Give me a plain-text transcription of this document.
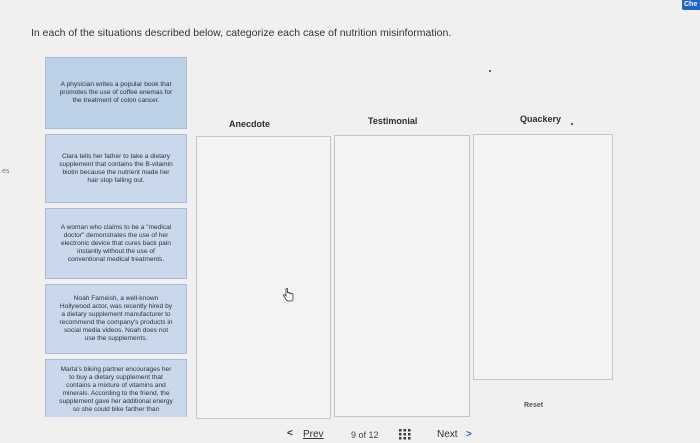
Che
es
In each of the situations described below, categorize each case of nutrition misinformation.
A physician writes a popular book that promotes the use of coffee enemas for the treatment of colon cancer.
Clara tells her father to take a dietary supplement that contains the B-vitamin biotin because the nutrient made her hair stop falling out.
A woman who claims to be a "medical doctor" demonstrates the use of her electronic device that cures back pain instantly without the use of conventional medical treatments.
Noah Fameish, a well-known Hollywood actor, was recently hired by a dietary supplement manufacturer to recommend the company's products in social media videos. Noah does not use the supplements.
Marta's biking partner encourages her to buy a dietary supplement that contains a mixture of vitamins and minerals. According to the friend, the supplement gave her additional energy so she could bike farther than
Anecdote	Testimonial	Quackery
Reset
< Prev	9 of 12	Next >
